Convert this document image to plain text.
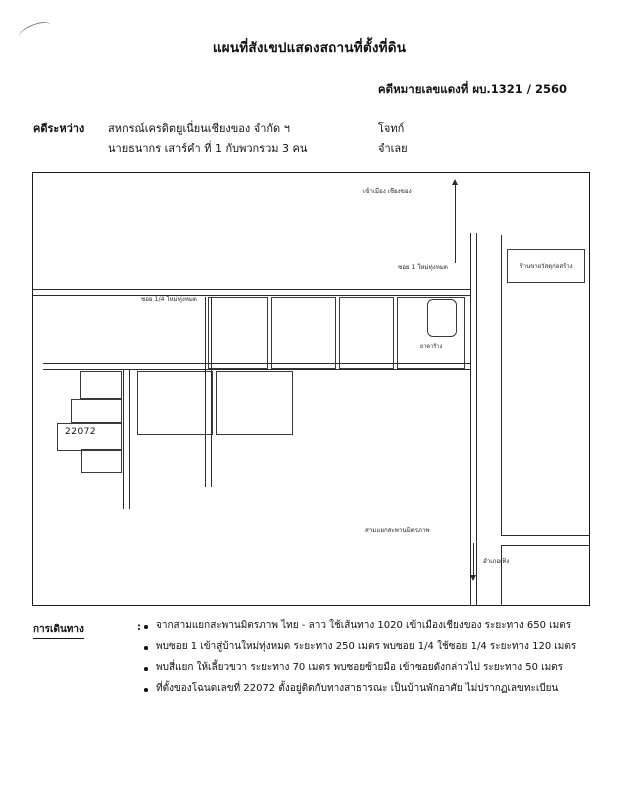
แผนที่สังเขปแสดงสถานที่ตั้งที่ดิน
คดีหมายเลขแดงที่ ผบ.1321 / 2560
คดีระหว่าง สหกรณ์เครดิตยูเนี่ยนเชียงของ จำกัด ฯ	โจทก์
นายธนากร เสาร์คำ ที่ 1 กับพวกรวม 3 คน	จำเลย
เข้าเมือง เชียงของ
ร้านขายวัสดุก่อสร้าง
ซอย 1 ใหม่ทุ่งหมด
ซอย 1/4 ใหม่ทุ่งหมด
ยาคาร้าง
22072
สามแยกสะพานมิตรภาพ
อำเภอเทิง
การเดินทาง	:	จากสามแยกสะพานมิตรภาพ ไทย - ลาว ใช้เส้นทาง 1020 เข้าเมืองเชียงของ ระยะทาง 650 เมตร
พบซอย 1 เข้าสู่บ้านใหม่ทุ่งหมด ระยะทาง 250 เมตร พบซอย 1/4 ใช้ซอย 1/4 ระยะทาง 120 เมตร
พบสี่แยก ให้เลี้ยวขวา ระยะทาง 70 เมตร พบซอยซ้ายมือ เข้าซอยดังกล่าวไป ระยะทาง 50 เมตร
ที่ตั้งของโฉนดเลขที่ 22072 ตั้งอยู่ติดกับทางสาธารณะ เป็นบ้านพักอาศัย ไม่ปรากฏเลขทะเบียน
